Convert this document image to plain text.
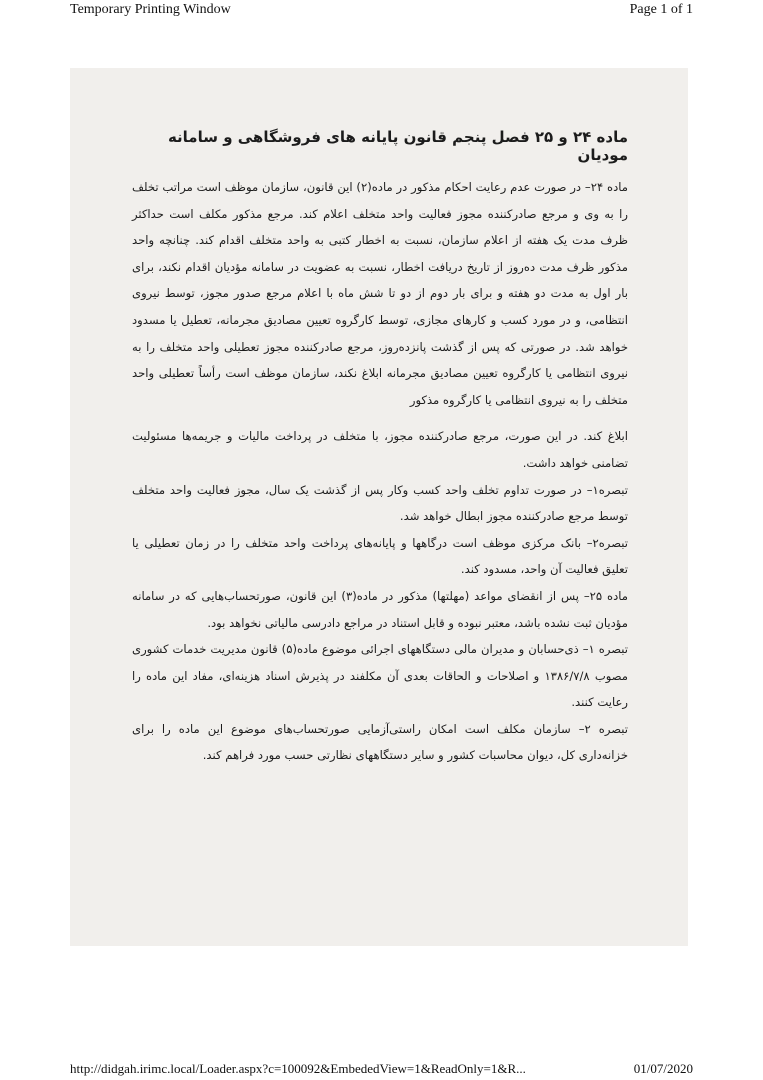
Temporary Printing Window	Page 1 of 1
ماده ۲۴ و ۲۵ فصل پنجم قانون پایانه های فروشگاهی و سامانه مودیان

ماده ۲۴– در صورت عدم رعایت احکام مذکور در ماده(۲) این قانون، سازمان موظف است مراتب تخلف را به وی و مرجع صادرکننده مجوز فعالیت واحد متخلف اعلام کند. مرجع مذکور مکلف است حداکثر ظرف مدت یک هفته از اعلام سازمان، نسبت به اخطار کتبی به واحد متخلف اقدام کند. چنانچه واحد مذکور ظرف مدت ده‌روز از تاریخ دریافت اخطار، نسبت به عضویت در سامانه مؤدیان اقدام نکند، برای بار اول به مدت دو هفته و برای بار دوم از دو تا شش ماه با اعلام مرجع صدور مجوز، توسط نیروی انتظامی، و در مورد کسب و کارهای مجازی، توسط کارگروه تعیین مصادیق مجرمانه، تعطیل یا مسدود خواهد شد. در صورتی که پس از گذشت پانزده‌روز، مرجع صادرکننده مجوز تعطیلی واحد متخلف را به نیروی انتظامی یا کارگروه تعیین مصادیق مجرمانه ابلاغ نکند، سازمان موظف است رأساً تعطیلی واحد متخلف را به نیروی انتظامی یا کارگروه مذکور

ابلاغ کند. در این صورت، مرجع صادرکننده مجوز، با متخلف در پرداخت مالیات و جریمه‌ها مسئولیت تضامنی خواهد داشت.

تبصره۱– در صورت تداوم تخلف واحد کسب وکار پس از گذشت یک سال، مجوز فعالیت واحد متخلف توسط مرجع صادرکننده مجوز ابطال خواهد شد.

تبصره۲– بانک مرکزی موظف است درگاهها و پایانه‌های پرداخت واحد متخلف را در زمان تعطیلی یا تعلیق فعالیت آن واحد، مسدود کند.

ماده ۲۵– پس از انقضای مواعد (مهلتها) مذکور در ماده(۳) این قانون، صورتحساب‌هایی که در سامانه مؤدیان ثبت نشده باشد، معتبر نبوده و قابل استناد در مراجع دادرسی مالیاتی نخواهد بود.

تبصره ۱– ذی‌حسابان و مدیران مالی دستگاههای اجرائی موضوع ماده(۵) قانون مدیریت خدمات کشوری مصوب ۱۳۸۶/۷/۸ و اصلاحات و الحاقات بعدی آن مکلفند در پذیرش اسناد هزینه‌ای، مفاد این ماده را رعایت کنند.

تبصره ۲– سازمان مکلف است امکان راستی‌آزمایی صورتحساب‌های موضوع این ماده را برای خزانه‌داری کل، دیوان محاسبات کشور و سایر دستگاههای نظارتی حسب مورد فراهم کند.

http://didgah.irimc.local/Loader.aspx?c=100092&EmbededView=1&ReadOnly=1&R...	01/07/2020
